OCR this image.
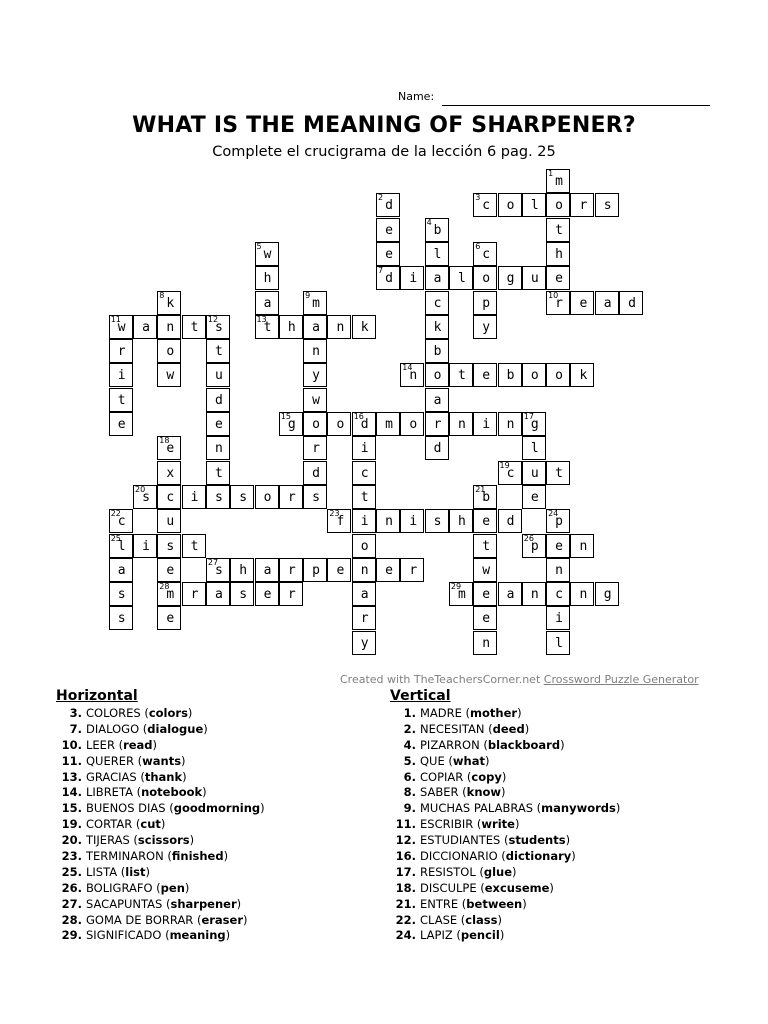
Name:
WHAT IS THE MEANING OF SHARPENER?
Complete el crucigrama de la lección 6 pag. 25
1
m
o
t
h
e
10
r
2
d
e
e
7
d
3
c	o	l	r	s
4
b
l
a
c
k
b
o
a
r
d
5
w
h
a
13
t
6
c
o
p
y
i	l	g	u
8
k
n
o
w
9
m
a
n
y
w
o
r
d
s
e	a	d
11
w	a	t
12
s
r
i
t
e
t
u
d
e
n
t
s
h	n	k
14
n	t	e	b	o	o	k
15
g	o
16
d	m	o	n	i	n
17
g
i
c
t
i
o
n
a
r
y
l
u
e
18
e
x
c
u
s
e
28
m
e
19
c	t
20
s	i	s	o	r
21
b
e
t
w
e
e
n
22
c
25
l
a
s
s
23
f	n	i	s	h	d
24
p
e
n
c
i
l
i	t
26
p	n
27
s	h	a	r	p	e	e	r
r	a	s	e	r
29
m	a	n	n	g
Created with TheTeachersCorner.net Crossword Puzzle Generator
Horizontal
3. COLORES (colors)
7. DIALOGO (dialogue)
10. LEER (read)
11. QUERER (wants)
13. GRACIAS (thank)
14. LIBRETA (notebook)
15. BUENOS DIAS (goodmorning)
19. CORTAR (cut)
20. TIJERAS (scissors)
23. TERMINARON (finished)
25. LISTA (list)
26. BOLIGRAFO (pen)
27. SACAPUNTAS (sharpener)
28. GOMA DE BORRAR (eraser)
29. SIGNIFICADO (meaning)
Vertical
1. MADRE (mother)
2. NECESITAN (deed)
4. PIZARRON (blackboard)
5. QUE (what)
6. COPIAR (copy)
8. SABER (know)
9. MUCHAS PALABRAS (manywords)
11. ESCRIBIR (write)
12. ESTUDIANTES (students)
16. DICCIONARIO (dictionary)
17. RESISTOL (glue)
18. DISCULPE (excuseme)
21. ENTRE (between)
22. CLASE (class)
24. LAPIZ (pencil)
